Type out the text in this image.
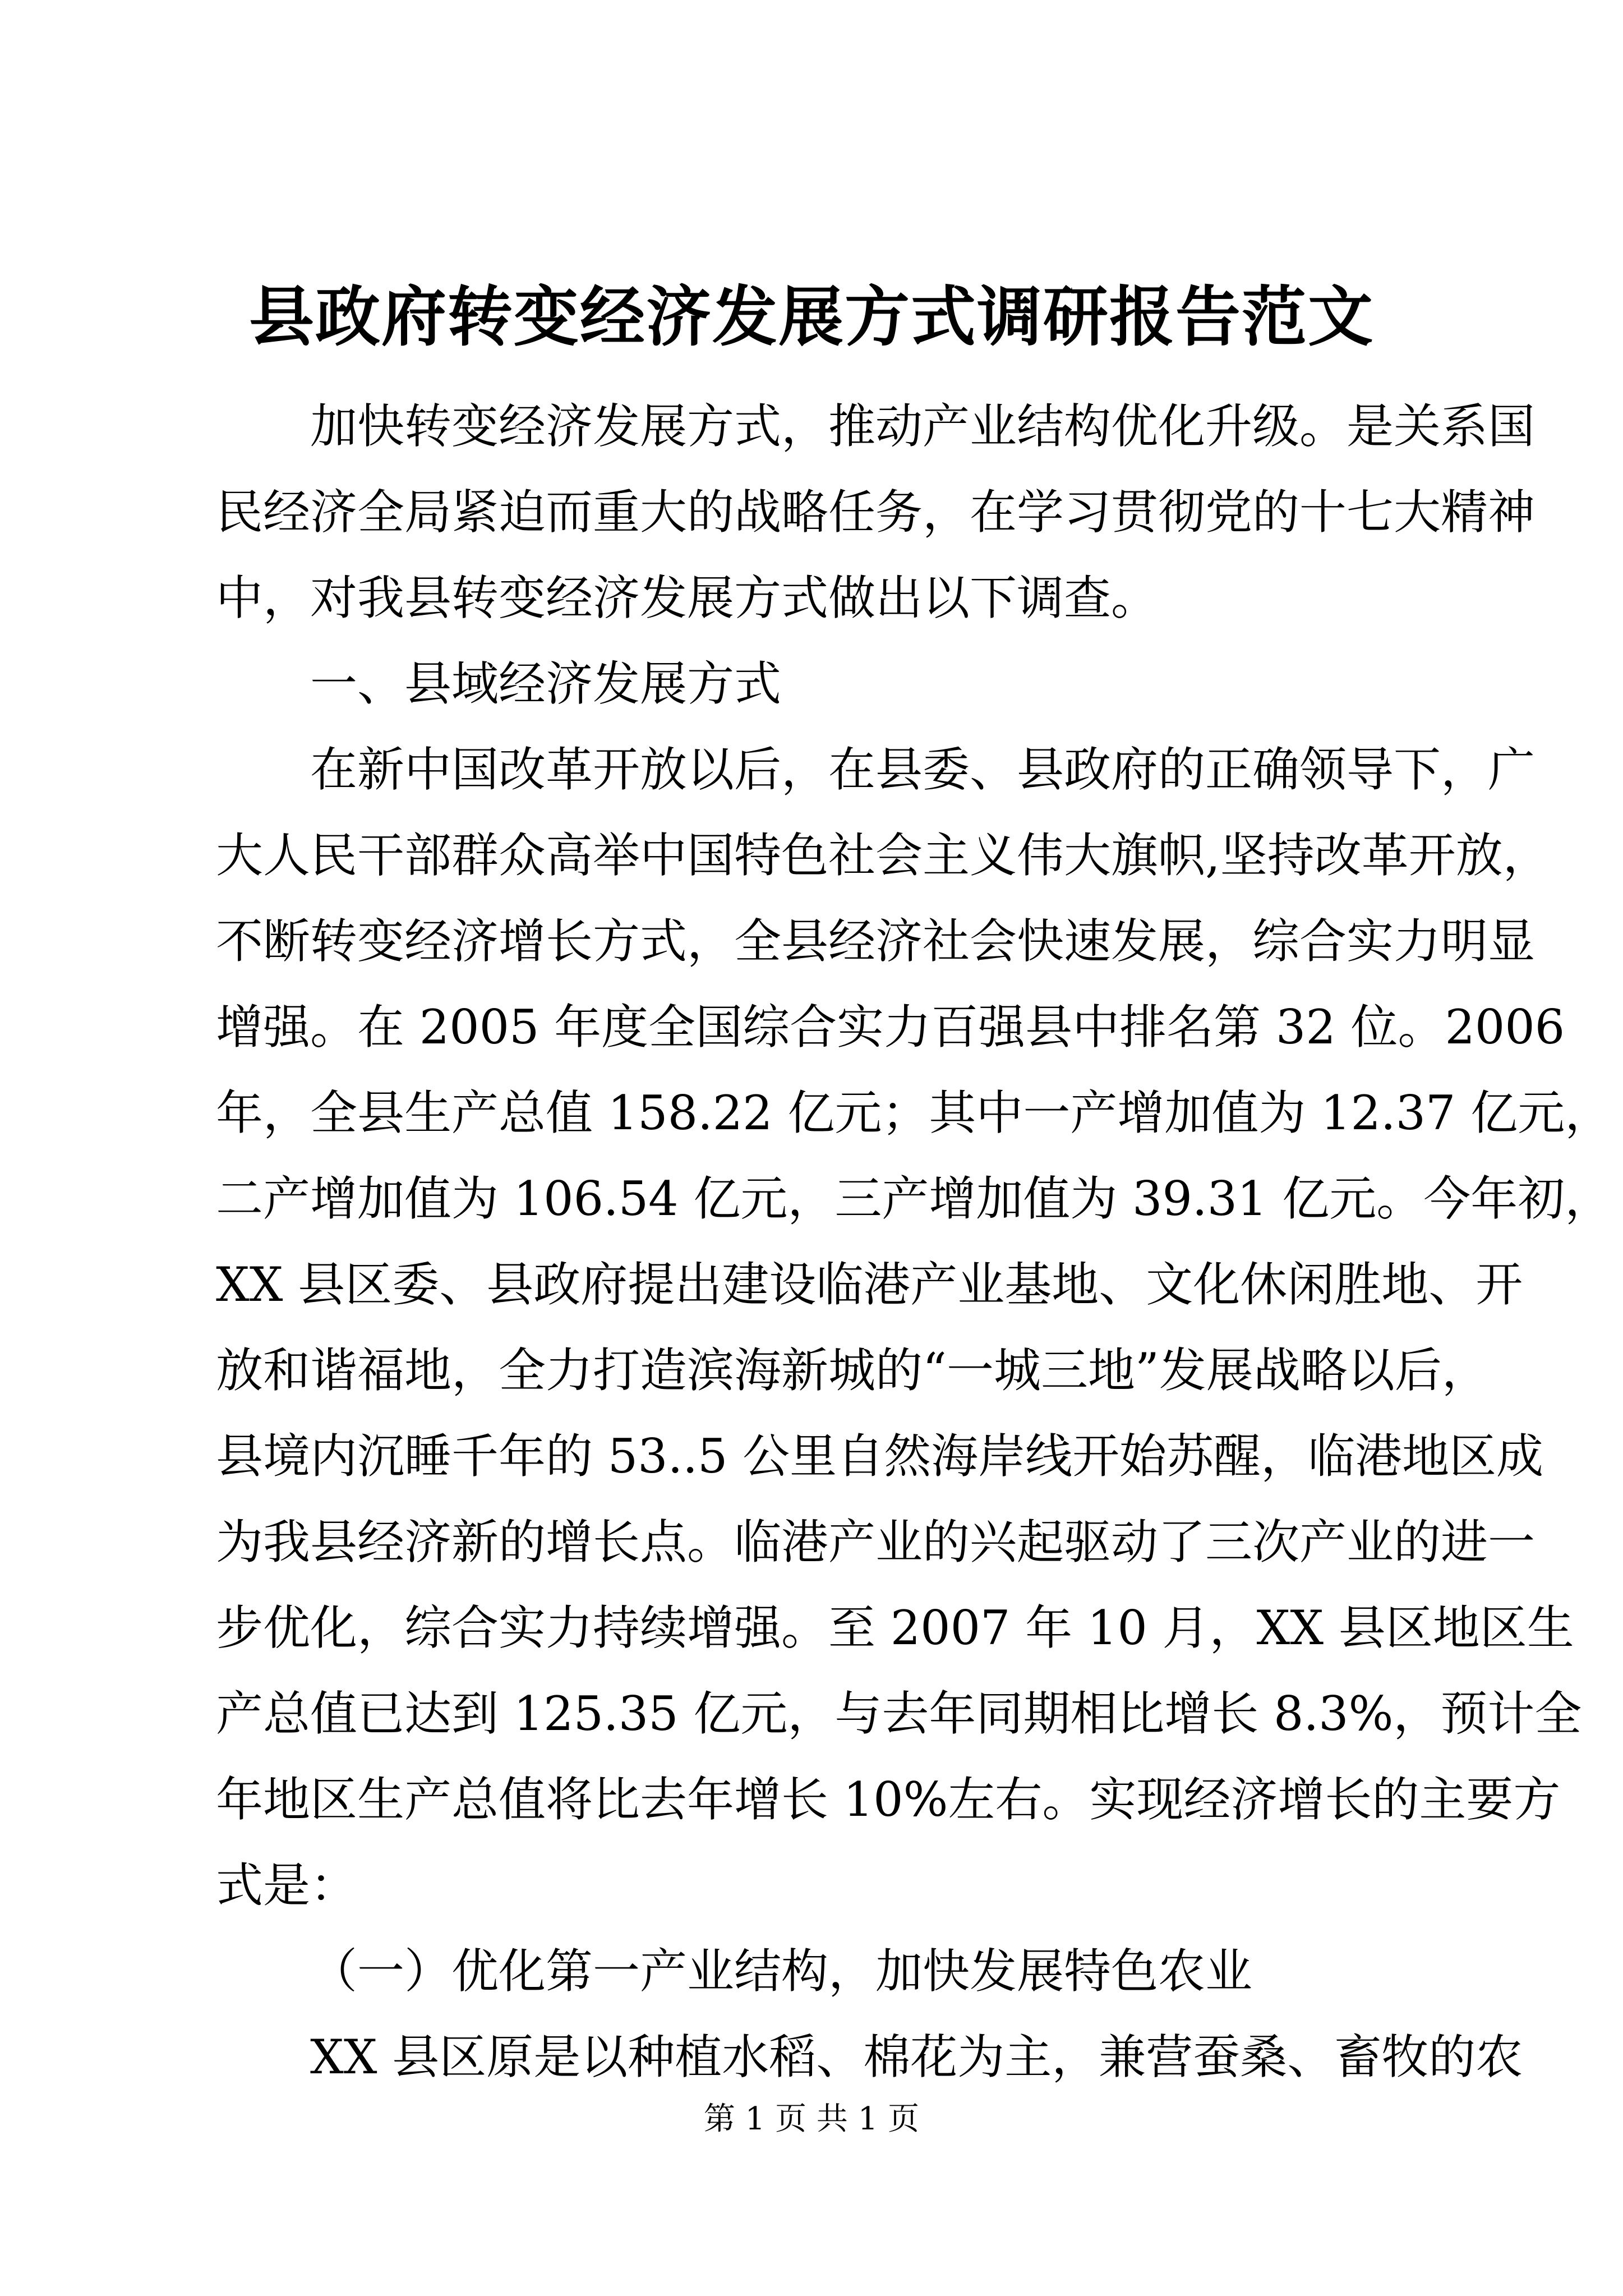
县政府转变经济发展方式调研报告范文
加快转变经济发展方式，推动产业结构优化升级。是关系国
民经济全局紧迫而重大的战略任务，在学习贯彻党的十七大精神
中，对我县转变经济发展方式做出以下调查。
一、县域经济发展方式
在新中国改革开放以后，在县委、县政府的正确领导下，广
大人民干部群众高举中国特色社会主义伟大旗帜,坚持改革开放，
不断转变经济增长方式，全县经济社会快速发展，综合实力明显
增强。在 2005 年度全国综合实力百强县中排名第 32 位。2006
年，全县生产总值 158.22 亿元；其中一产增加值为 12.37 亿元，
二产增加值为 106.54 亿元，三产增加值为 39.31 亿元。今年初，
XX 县区委、县政府提出建设临港产业基地、文化休闲胜地、开
放和谐福地，全力打造滨海新城的“一城三地”发展战略以后，
县境内沉睡千年的 53..5 公里自然海岸线开始苏醒，临港地区成
为我县经济新的增长点。临港产业的兴起驱动了三次产业的进一
步优化，综合实力持续增强。至 2007 年 10 月，XX 县区地区生
产总值已达到 125.35 亿元，与去年同期相比增长 8.3%，预计全
年地区生产总值将比去年增长 10%左右。实现经济增长的主要方
式是：
（一）优化第一产业结构，加快发展特色农业
XX 县区原是以种植水稻、棉花为主，兼营蚕桑、畜牧的农
第 1 页 共 1 页
